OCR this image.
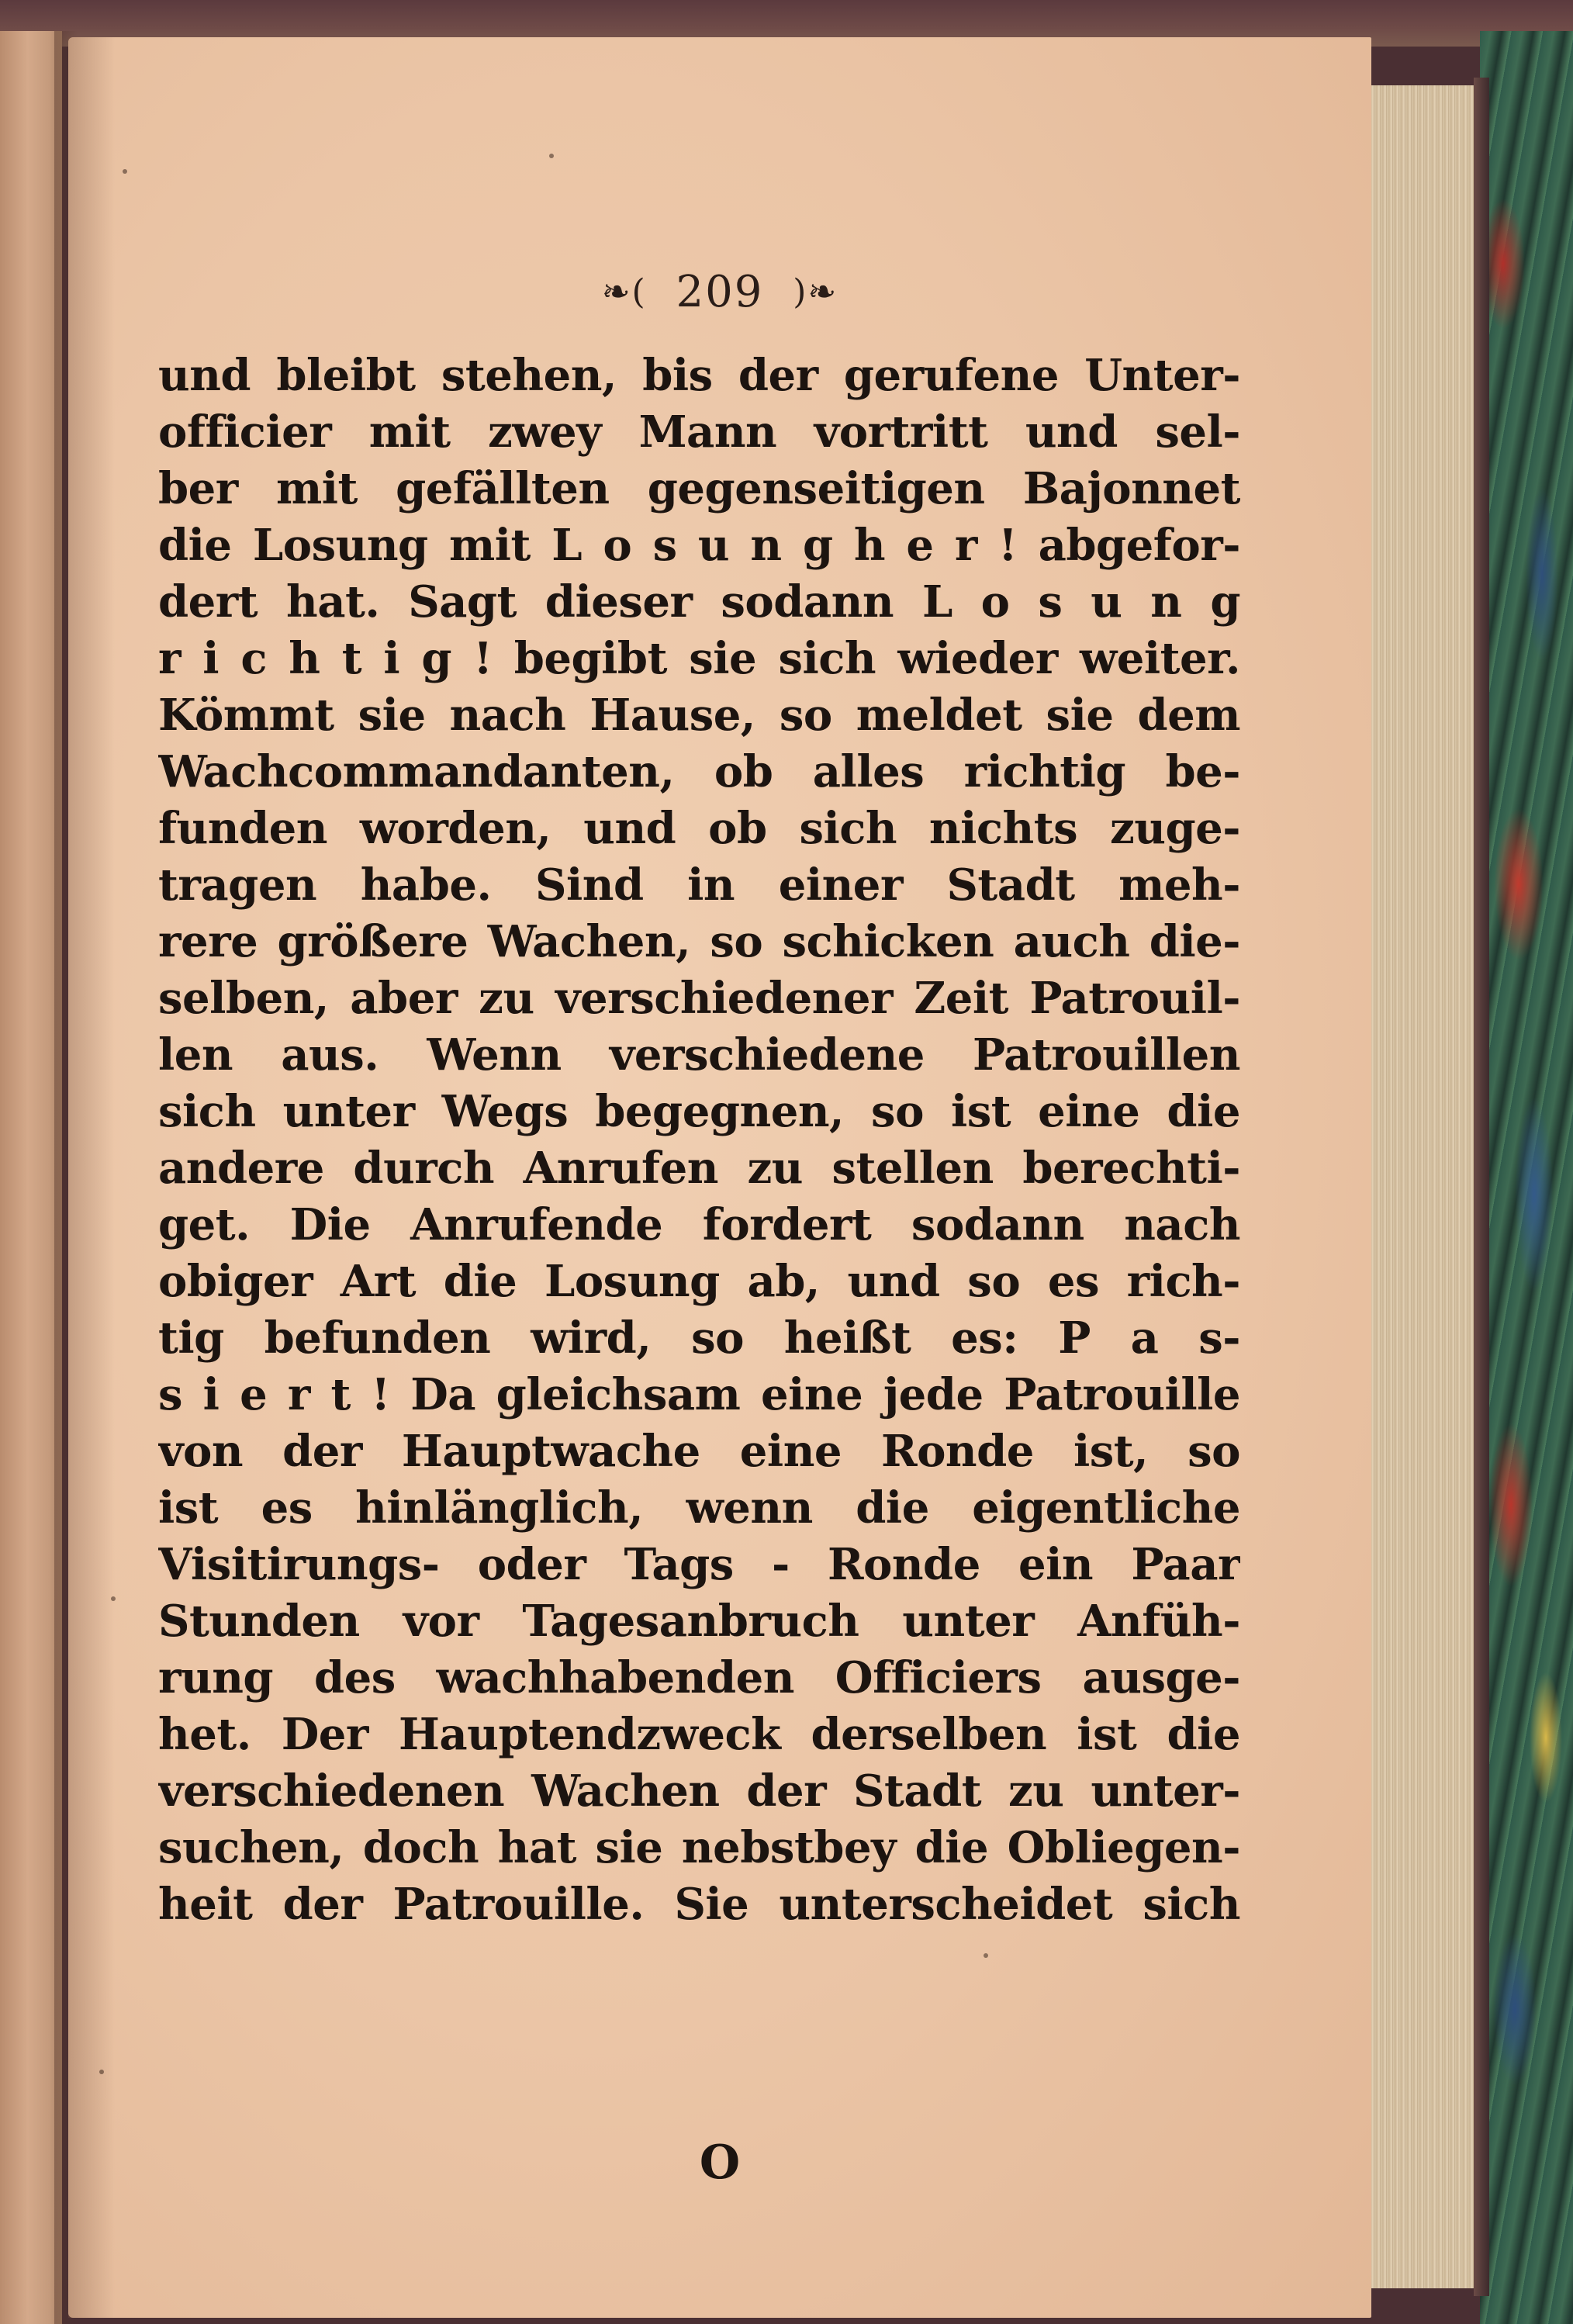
❧( 209 )❧
und bleibt stehen, bis der gerufene Unter-
officier mit zwey Mann vortritt und sel-
ber mit gefällten gegenseitigen Bajonnet
die Losung mit L o s u n g h e r ! abgefor-
dert hat. Sagt dieser sodann L o s u n g
r i c h t i g ! begibt sie sich wieder weiter.
Kömmt sie nach Hause, so meldet sie dem
Wachcommandanten, ob alles richtig be-
funden worden, und ob sich nichts zuge-
tragen habe. Sind in einer Stadt meh-
rere größere Wachen, so schicken auch die-
selben, aber zu verschiedener Zeit Patrouil-
len aus. Wenn verschiedene Patrouillen
sich unter Wegs begegnen, so ist eine die
andere durch Anrufen zu stellen berechti-
get. Die Anrufende fordert sodann nach
obiger Art die Losung ab, und so es rich-
tig befunden wird, so heißt es: P a s-
s i e r t ! Da gleichsam eine jede Patrouille
von der Hauptwache eine Ronde ist, so
ist es hinlänglich, wenn die eigentliche
Visitirungs- oder Tags - Ronde ein Paar
Stunden vor Tagesanbruch unter Anfüh-
rung des wachhabenden Officiers ausge-
het. Der Hauptendzweck derselben ist die
verschiedenen Wachen der Stadt zu unter-
suchen, doch hat sie nebstbey die Obliegen-
heit der Patrouille. Sie unterscheidet sich
O
